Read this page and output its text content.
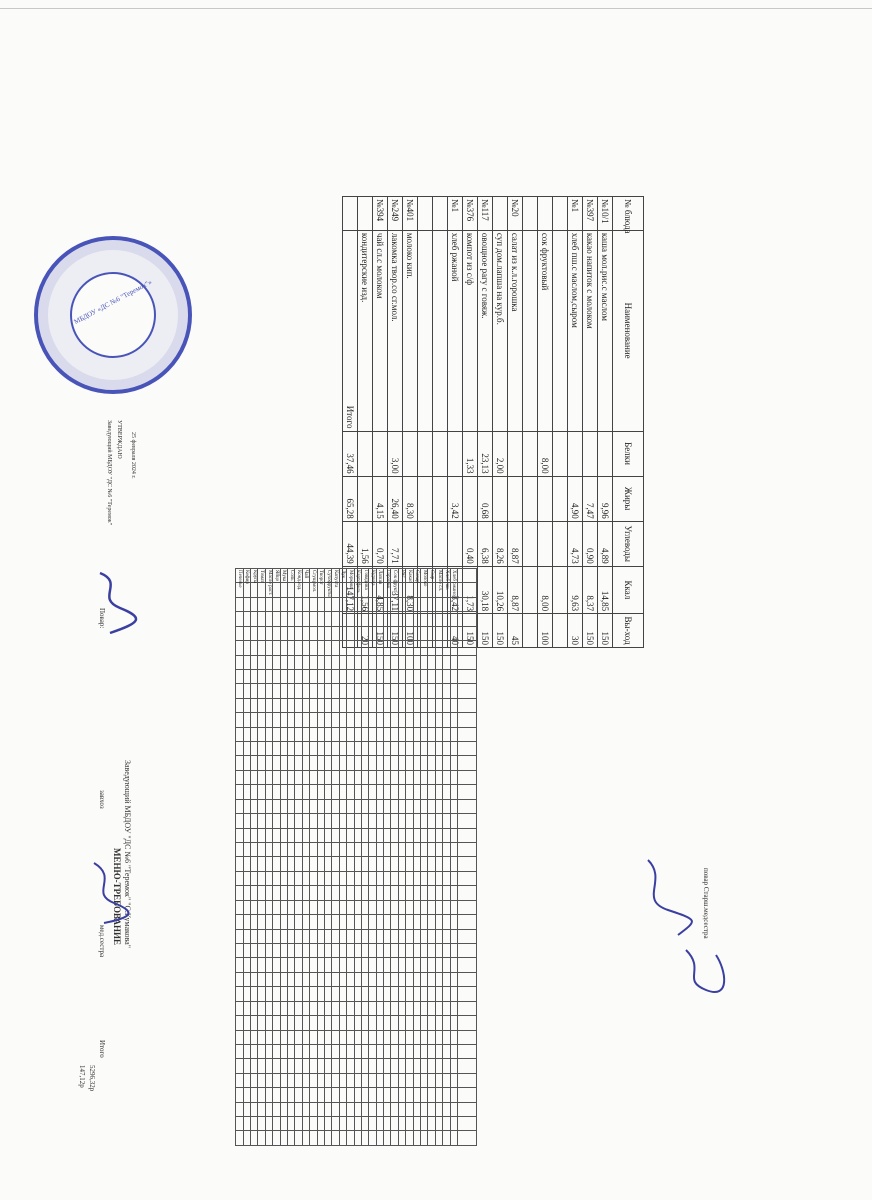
МБДОУ «ДС №6 "Теремок"»
УТВЕРЖДАЮ
Заведующий МБДОУ "ДС №6 "Теремок"	25 февраля 2024 г.
№ блюда	Наименование	Белки	Жиры	Углеводы	Ккал	Вы-ход
№10/1	каша мол.рис.с маслом		9,96	4,89	14,85	150
№397	какао напиток с молоком		7,47	0,90	8,37	150
№1	хлеб пш.с маслом,сыром		4,90	4,73	9,63	30

	сок фруктовый	8,00			8,00	100

№20	салат из к.л.горошка			8,87	8,87	45
	суп дом.лапша на кур.б.	2,00		8,26	10,26	150
№117	овощное рагу с говяж.	23,13	0,68	6,38	30,18	150
№376	компот из с/ф	1,33		0,40	1,73	150
№1	хлеб ржаной		3,42		3,42	40

№401	молоко кип.		8,30		8,30	100
№249	лакомка твор.со сг.мол.	3,00	26,40	7,71	37,11	150
№394	чай сл.с молоком		4,15	0,70	4,85	150
	кондитерские изд.			1,56	1,56	20
	Итого	37,46	65,28	44,39	147,12	
повар Старш.медсестра
Заведующий МБДОУ "ДС №6 "Теремок" "С.Кумакова"
МЕНЮ-ТРЕБОВАНИЕ

Хлеб ржаной																																							
Хлеб пш.																																							
Масло сл.																																							
Сыр																																							
Молоко																																							
Сахар																																							
Какао																																							
Рис																																							
Сок фрукт.																																							
Горошек																																							
Лапша																																							
Курица																																							
Говядина																																							
Картофель																																							
Морковь																																							
Лук																																							
Капуста																																							
Сухофрукты																																							
Творог																																							
Сгущ.мол.																																							
Чай																																							
Конд.изд.																																							
Соль																																							
Мука																																							
Яйцо																																							
Масло раст.																																							
Томат																																							
Крупа																																							
Кефир																																							
Печенье																																							
Итого
5296,32р
147,12р
мед.сестра
завхоз
Повар:
